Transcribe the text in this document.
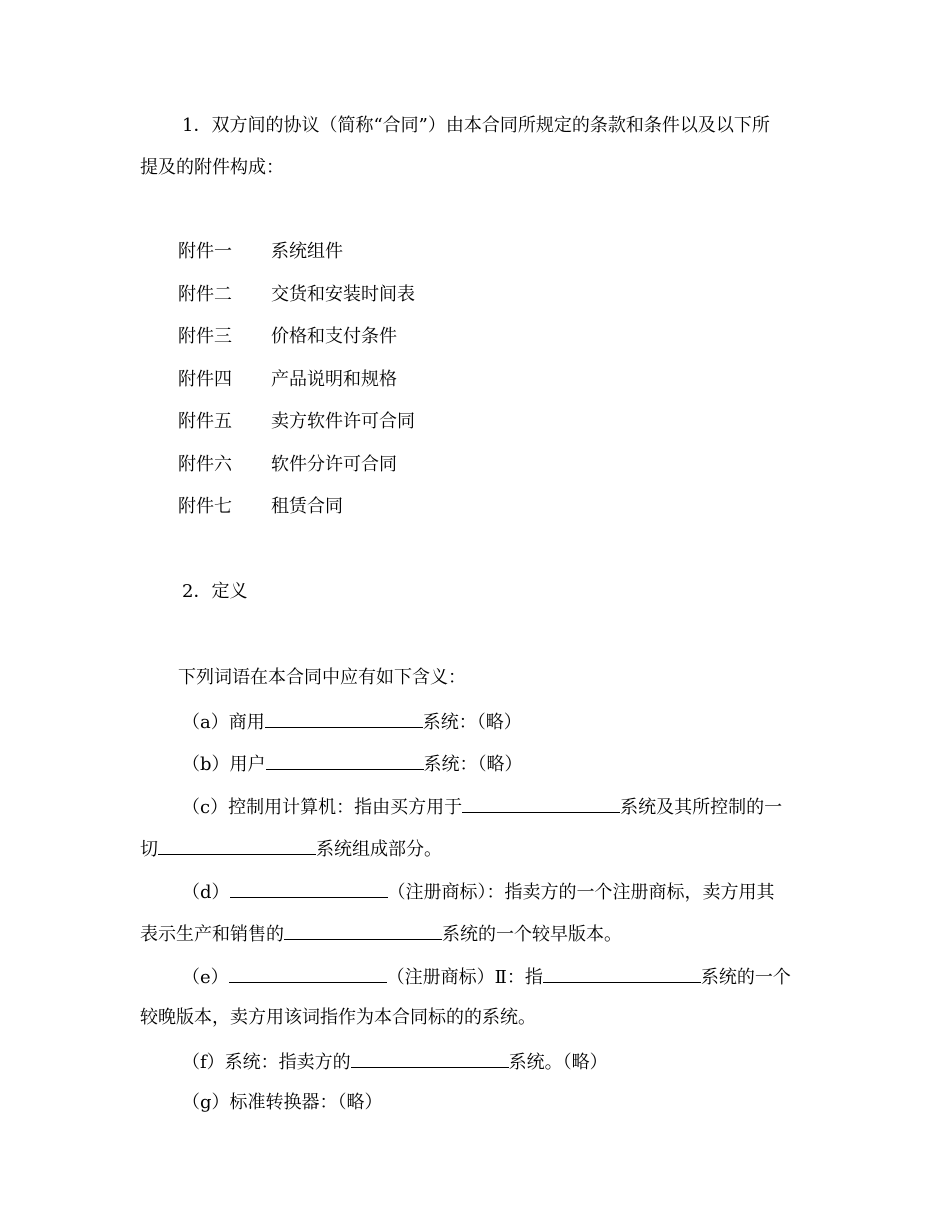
1．双方间的协议（简称“合同”）由本合同所规定的条款和条件以及以下所
提及的附件构成：
附件一 系统组件
附件二 交货和安装时间表
附件三 价格和支付条件
附件四 产品说明和规格
附件五 卖方软件许可合同
附件六 软件分许可合同
附件七 租赁合同
2．定义
下列词语在本合同中应有如下含义：
（a）商用	系统：（略）
（b）用户	系统：（略）
（c）控制用计算机：指由买方用于	系统及其所控制的一
切	系统组成部分。
（d）	（注册商标）：指卖方的一个注册商标，卖方用其
表示生产和销售的	系统的一个较早版本。
（e）	（注册商标）Ⅱ：指	系统的一个
较晚版本，卖方用该词指作为本合同标的的系统。
（f）系统：指卖方的	系统。（略）
（g）标准转换器：（略）
